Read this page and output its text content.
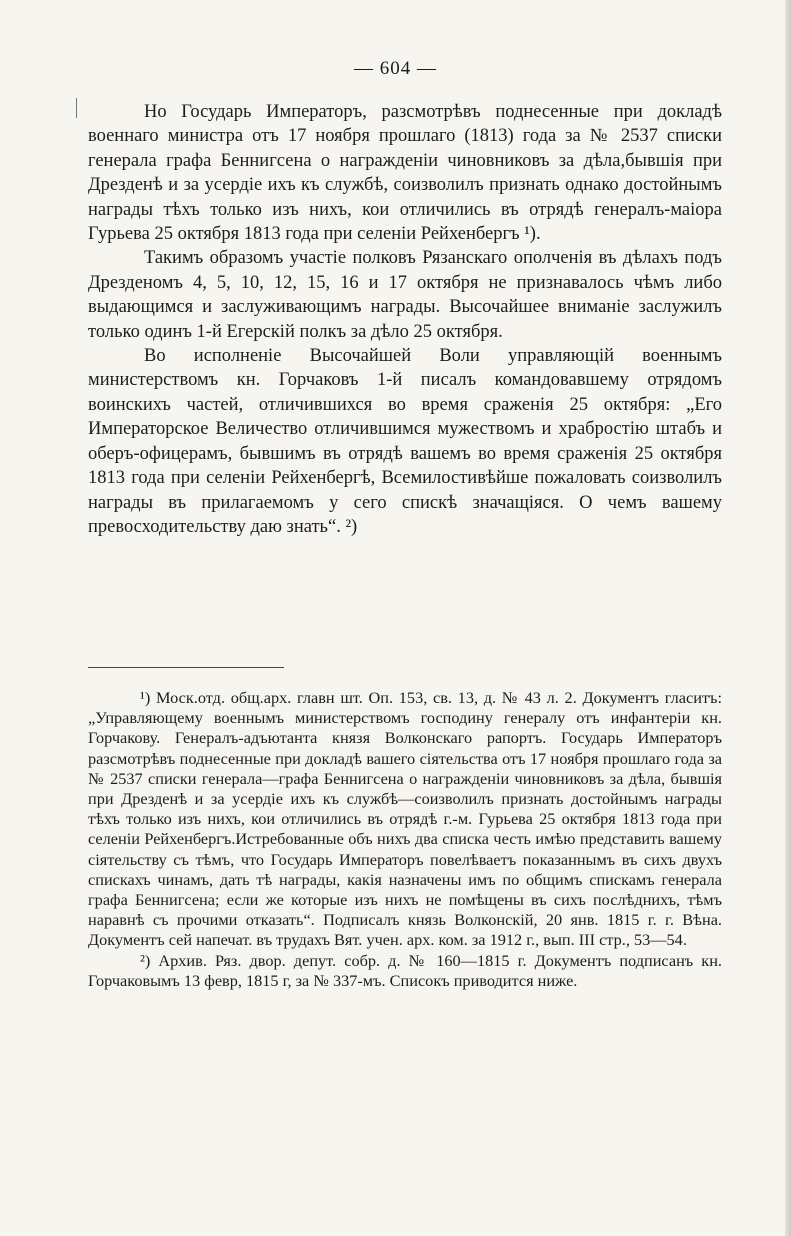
— 604 —

Но Государь Императоръ, разсмотрѣвъ поднесенные при докладѣ военнаго министра отъ 17 ноября прошлаго (1813) года за № 2537 списки генерала графа Беннигсена о награжденіи чиновниковъ за дѣла,бывшія при Дрезденѣ и за усердіе ихъ къ службѣ, соизволилъ признать однако достойнымъ награды тѣхъ только изъ нихъ, кои отличились въ отрядѣ генералъ-маіора Гурьева 25 октября 1813 года при селеніи Рейхенбергъ ¹).

Такимъ образомъ участіе полковъ Рязанскаго ополченія въ дѣлахъ подъ Дрезденомъ 4, 5, 10, 12, 15, 16 и 17 октября не признавалось чѣмъ либо выдающимся и заслуживающимъ награды. Высочайшее вниманіе заслужилъ только одинъ 1-й Егерскій полкъ за дѣло 25 октября.

Во исполненіе Высочайшей Воли управляющій военнымъ министерствомъ кн. Горчаковъ 1-й писалъ командовавшему отрядомъ воинскихъ частей, отличившихся во время сраженія 25 октября: „Его Императорское Величество отличившимся мужествомъ и храбростію штабъ и оберъ-офицерамъ, бывшимъ въ отрядѣ вашемъ во время сраженія 25 октября 1813 года при селеніи Рейхенбергѣ, Всемилостивѣйше пожаловать соизволилъ награды въ прилагаемомъ у сего спискѣ значащіяся. О чемъ вашему превосходительству даю знать“. ²)

¹) Моск.отд. общ.арх. главн шт. Оп. 153, св. 13, д. № 43 л. 2. Документъ гласитъ:„Управляющему военнымъ министерствомъ господину генералу отъ инфантеріи кн. Горчакову. Генералъ-адъютанта князя Волконскаго рапортъ. Государь Императоръ разсмотрѣвъ поднесенные при докладѣ вашего сіятельства отъ 17 ноября прошлаго года за № 2537 списки генерала—графа Беннигсена о награжденіи чиновниковъ за дѣла, бывшія при Дрезденѣ и за усердіе ихъ къ службѣ—соизволилъ признать достойнымъ награды тѣхъ только изъ нихъ, кои отличились въ отрядѣ г.-м. Гурьева 25 октября 1813 года при селеніи Рейхенбергъ.Истребованные объ нихъ два списка честь имѣю представить вашему сіятельству съ тѣмъ, что Государь Императоръ повелѣваетъ показаннымъ въ сихъ двухъ спискахъ чинамъ, дать тѣ награды, какія назначены имъ по общимъ спискамъ генерала графа Беннигсена; если же которые изъ нихъ не помѣщены въ сихъ послѣднихъ, тѣмъ наравнѣ съ прочими отказать“. Подписалъ князь Волконскій, 20 янв. 1815 г. г. Вѣна. Документъ сей напечат. въ трудахъ Вят. учен. арх. ком. за 1912 г., вып. III стр., 53—54.

²) Архив. Ряз. двор. депут. собр. д. № 160—1815 г. Документъ подписанъ кн. Горчаковымъ 13 февр, 1815 г, за № 337-мъ. Списокъ приводится ниже.
